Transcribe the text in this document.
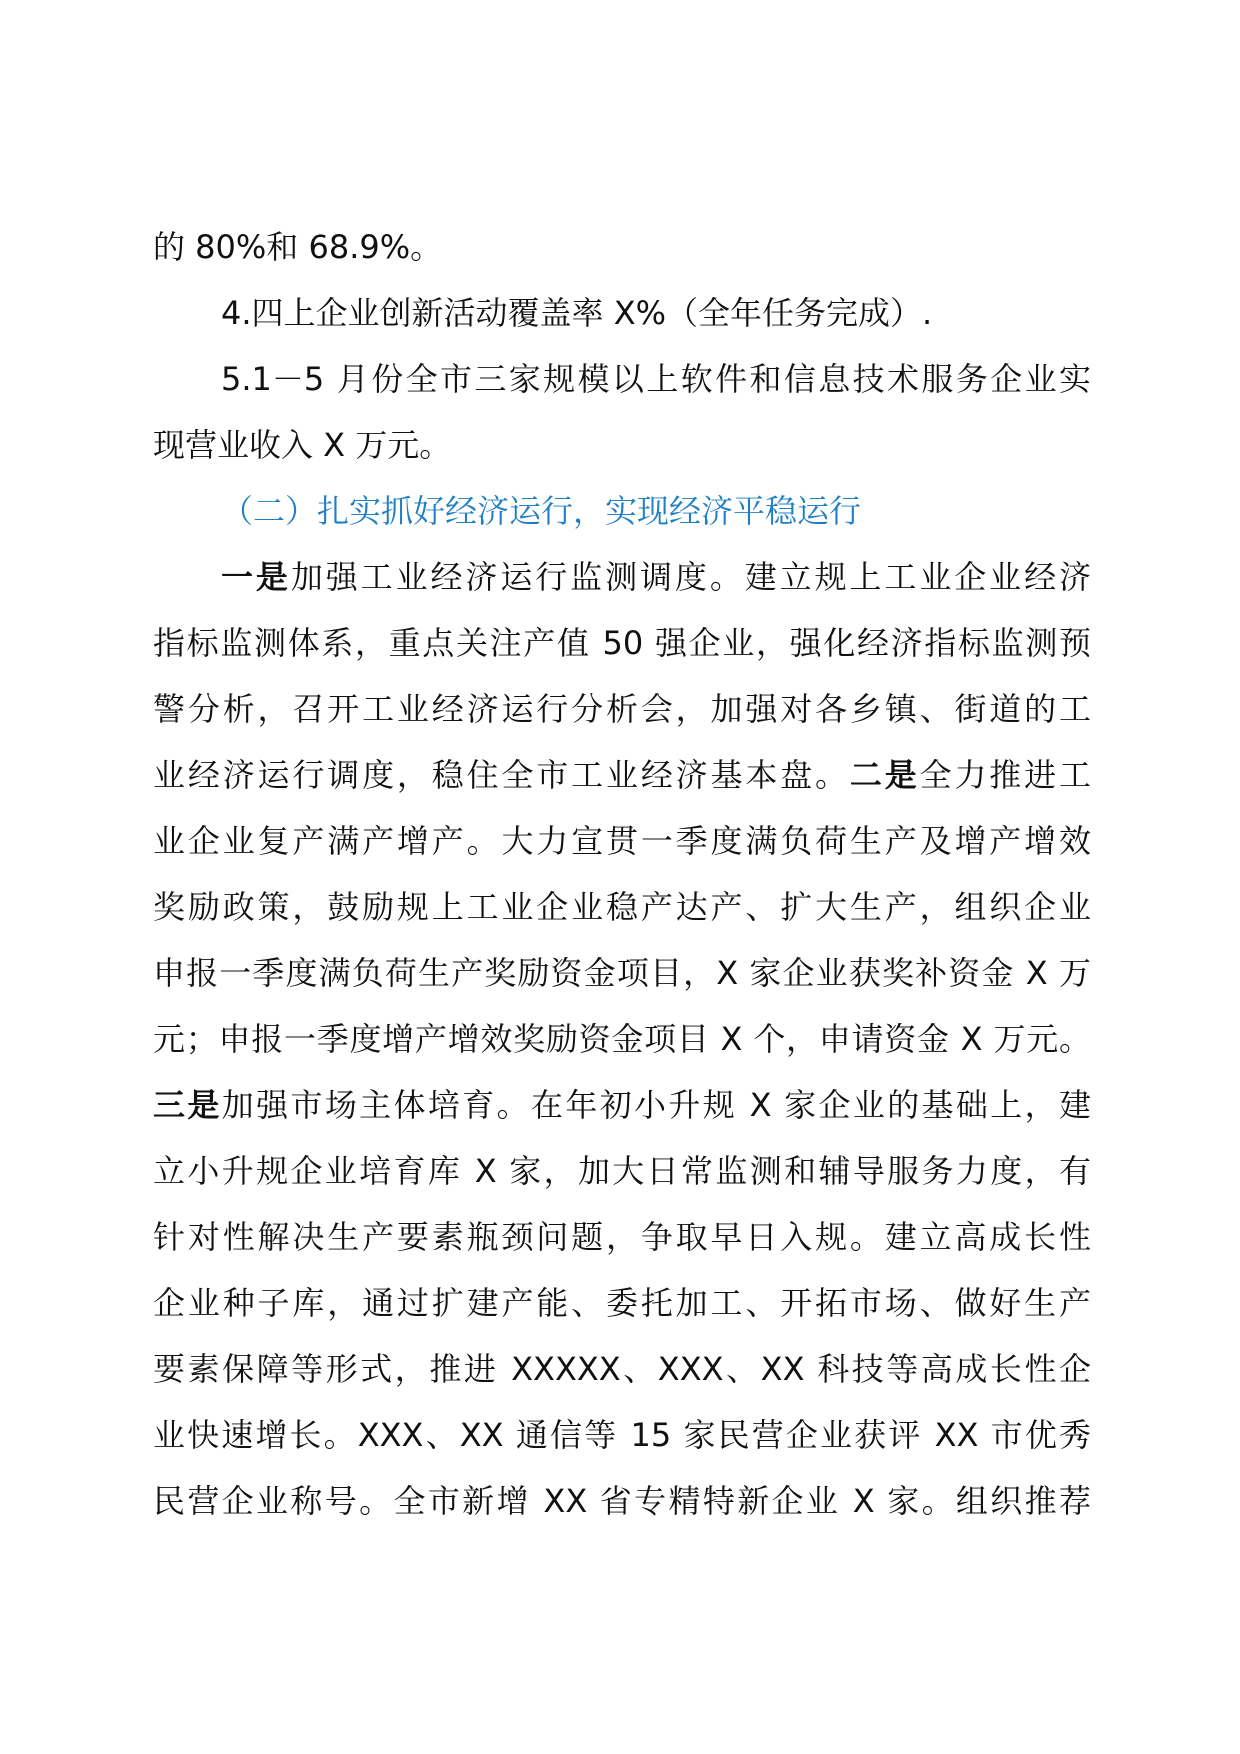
的 80%和 68.9%。
4.四上企业创新活动覆盖率 X%（全年任务完成）.
5.1－5 月份全市三家规模以上软件和信息技术服务企业实
现营业收入 X 万元。
（二）扎实抓好经济运行，实现经济平稳运行
一是加强工业经济运行监测调度。建立规上工业企业经济
指标监测体系，重点关注产值 50 强企业，强化经济指标监测预
警分析，召开工业经济运行分析会，加强对各乡镇、街道的工
业经济运行调度，稳住全市工业经济基本盘。二是全力推进工
业企业复产满产增产。大力宣贯一季度满负荷生产及增产增效
奖励政策，鼓励规上工业企业稳产达产、扩大生产，组织企业
申报一季度满负荷生产奖励资金项目，X 家企业获奖补资金 X 万
元；申报一季度增产增效奖励资金项目 X 个，申请资金 X 万元。
三是加强市场主体培育。在年初小升规 X 家企业的基础上，建
立小升规企业培育库 X 家，加大日常监测和辅导服务力度，有
针对性解决生产要素瓶颈问题，争取早日入规。建立高成长性
企业种子库，通过扩建产能、委托加工、开拓市场、做好生产
要素保障等形式，推进 XXXXX、XXX、XX 科技等高成长性企
业快速增长。XXX、XX 通信等 15 家民营企业获评 XX 市优秀
民营企业称号。全市新增 XX 省专精特新企业 X 家。组织推荐
